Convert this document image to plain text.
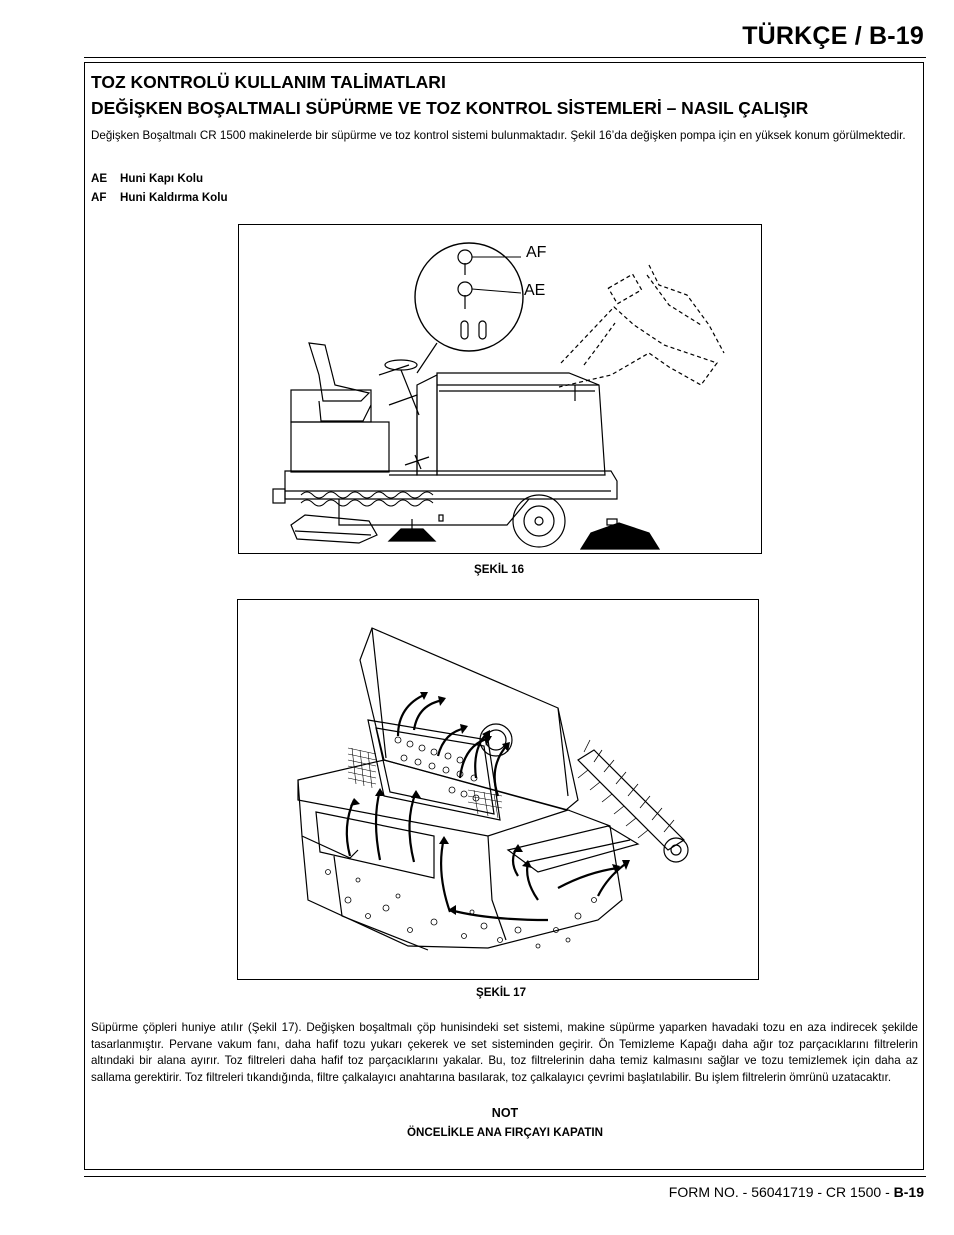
TÜRKÇE / B-19
TOZ KONTROLÜ KULLANIM TALİMATLARI
DEĞİŞKEN BOŞALTMALI SÜPÜRME VE TOZ KONTROL SİSTEMLERİ – NASIL ÇALIŞIR
Değişken Boşaltmalı CR 1500 makinelerde bir süpürme ve toz kontrol sistemi bulunmaktadır. Şekil 16’da değişken pompa için en yüksek konum görülmektedir.
AE Huni Kapı Kolu
AF Huni Kaldırma Kolu
AF
AE
ŞEKİL 16
ŞEKİL 17
Süpürme çöpleri huniye atılır (Şekil 17). Değişken boşaltmalı çöp hunisindeki set sistemi, makine süpürme yaparken havadaki tozu en aza indirecek şekilde tasarlanmıştır. Pervane vakum fanı, daha hafif tozu yukarı çekerek ve set sisteminden geçirir. Ön Temizleme Kapağı daha ağır toz parçacıklarını filtrelerin altındaki bir alana ayırır. Toz filtreleri daha hafif toz parçacıklarını yakalar. Bu, toz filtrelerinin daha temiz kalmasını sağlar ve tozu temizlemek için daha az sallama gerektirir. Toz filtreleri tıkandığında, filtre çalkalayıcı anahtarına basılarak, toz çalkalayıcı çevrimi başlatılabilir. Bu işlem filtrelerin ömrünü uzatacaktır.
NOT
ÖNCELİKLE ANA FIRÇAYI KAPATIN
FORM NO. - 56041719 - CR 1500 - B-19
